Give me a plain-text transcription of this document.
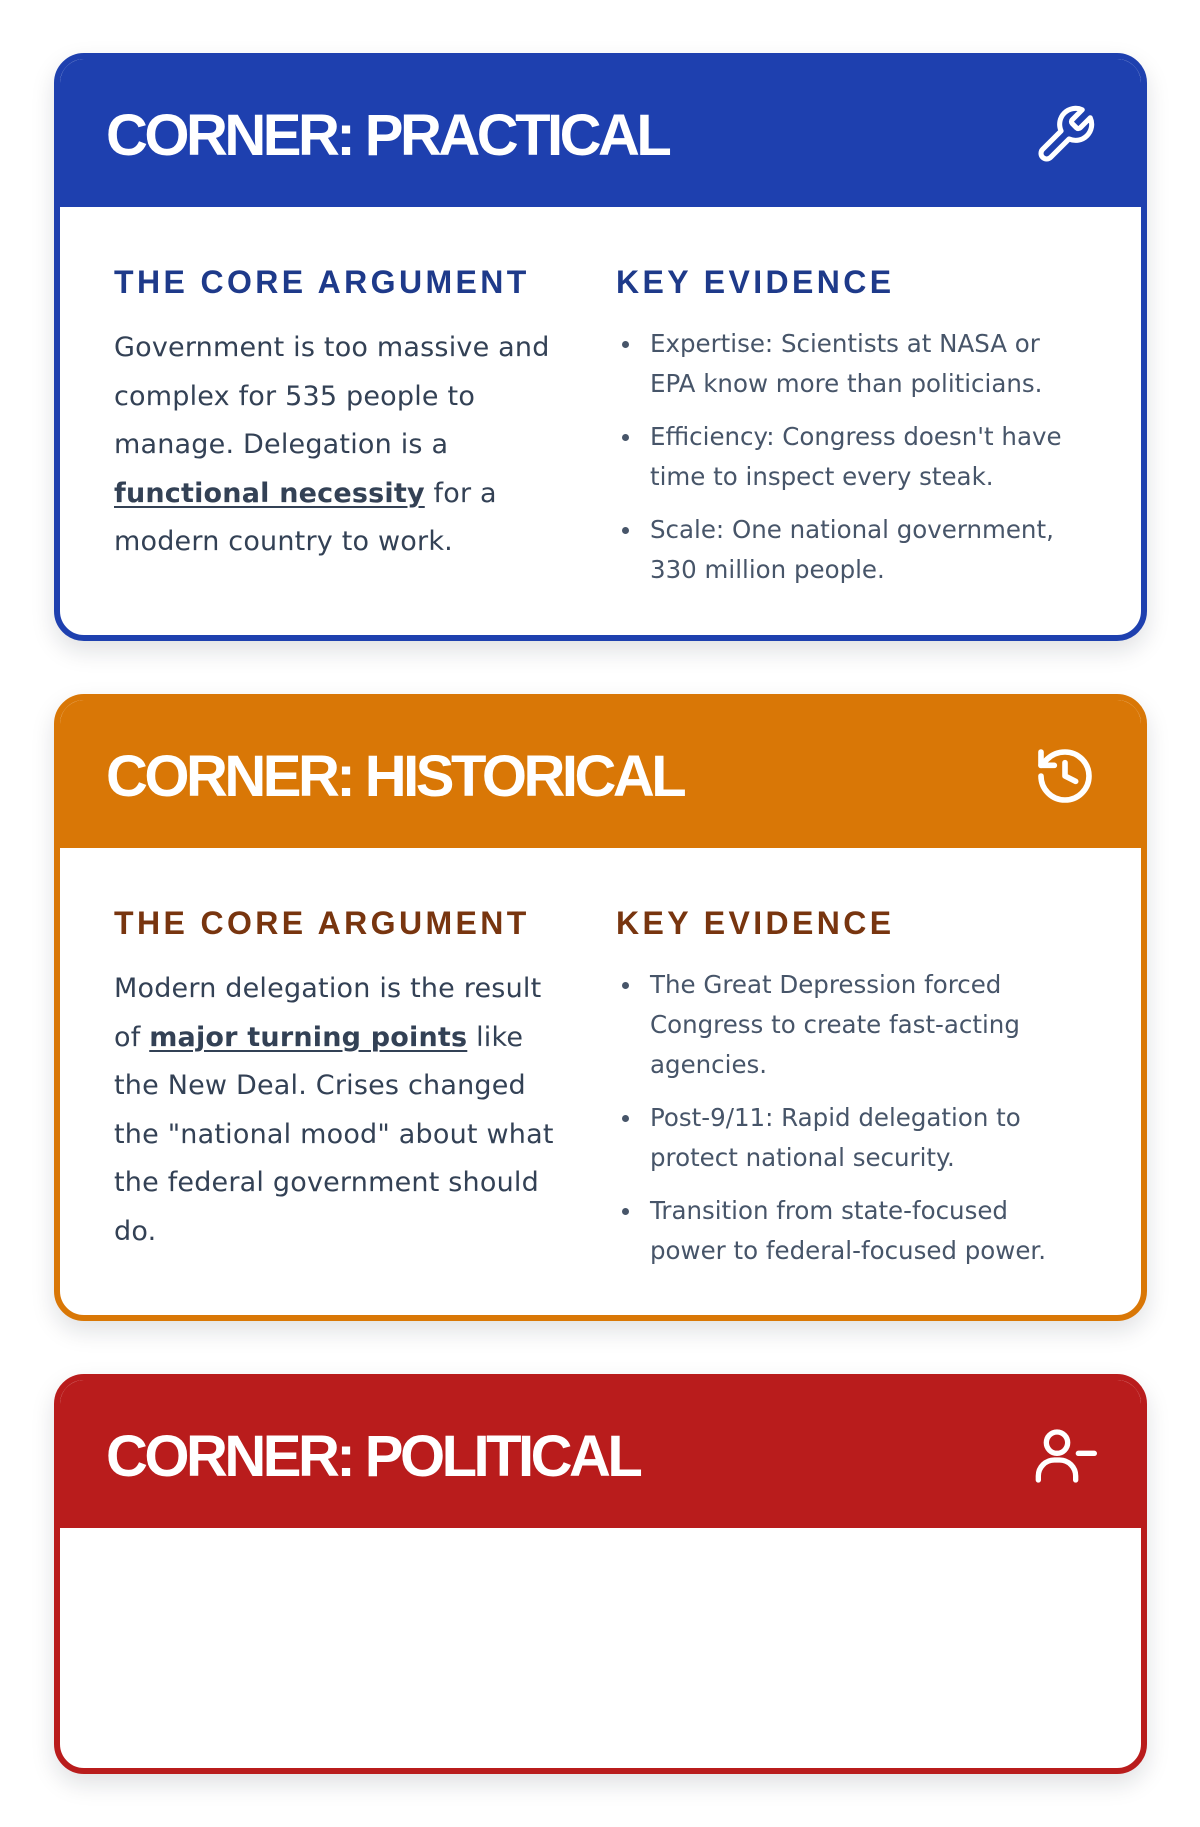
CORNER: PRACTICAL
THE CORE ARGUMENT

Government is too massive and complex for 535 people to manage. Delegation is a functional necessity for a modern country to work.

KEY EVIDENCE
Expertise: Scientists at NASA or EPA know more than politicians.
Efficiency: Congress doesn't have time to inspect every steak.
Scale: One national government, 330 million people.
CORNER: HISTORICAL
THE CORE ARGUMENT

Modern delegation is the result of major turning points like the New Deal. Crises changed the "national mood" about what the federal government should do.

KEY EVIDENCE
The Great Depression forced Congress to create fast-acting agencies.
Post-9/11: Rapid delegation to protect national security.
Transition from state-focused power to federal-focused power.
CORNER: POLITICAL
